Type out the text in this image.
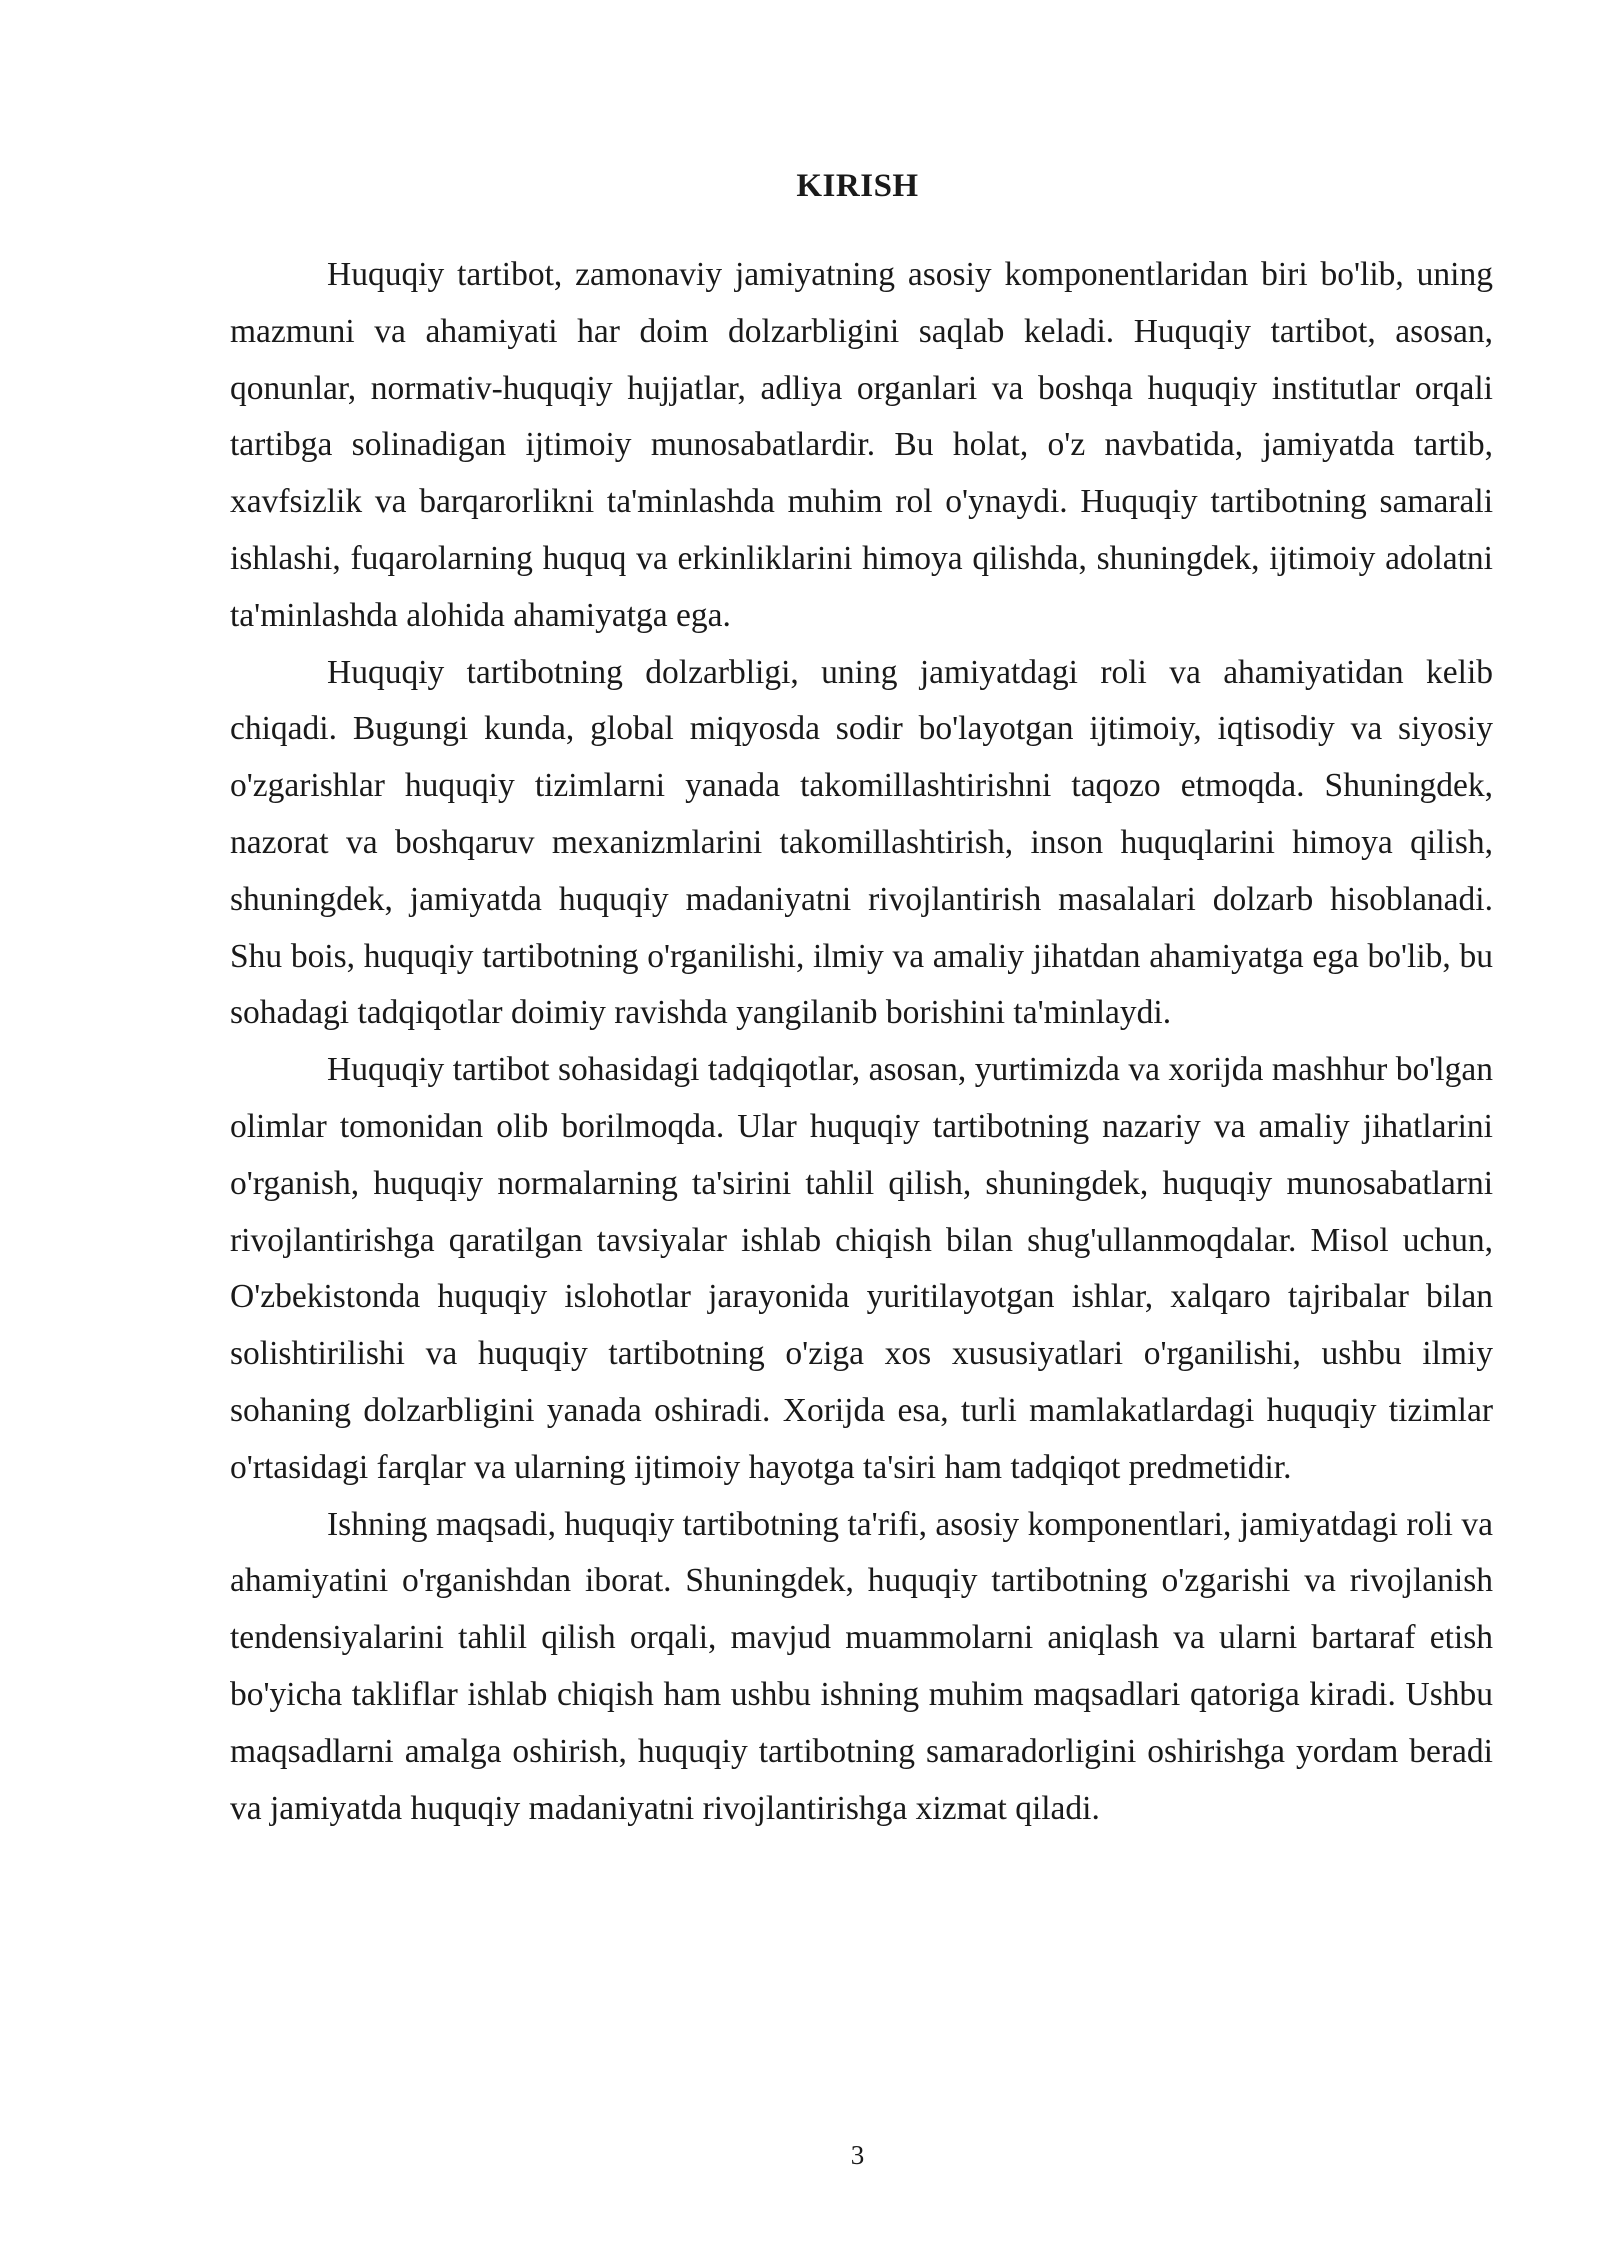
KIRISH

Huquqiy tartibot, zamonaviy jamiyatning asosiy komponentlaridan biri bo'lib, uning mazmuni va ahamiyati har doim dolzarbligini saqlab keladi. Huquqiy tartibot, asosan, qonunlar, normativ-huquqiy hujjatlar, adliya organlari va boshqa huquqiy institutlar orqali tartibga solinadigan ijtimoiy munosabatlardir. Bu holat, o'z navbatida, jamiyatda tartib, xavfsizlik va barqarorlikni ta'minlashda muhim rol o'ynaydi. Huquqiy tartibotning samarali ishlashi, fuqarolarning huquq va erkinliklarini himoya qilishda, shuningdek, ijtimoiy adolatni ta'minlashda alohida ahamiyatga ega.

Huquqiy tartibotning dolzarbligi, uning jamiyatdagi roli va ahamiyatidan kelib chiqadi. Bugungi kunda, global miqyosda sodir bo'layotgan ijtimoiy, iqtisodiy va siyosiy o'zgarishlar huquqiy tizimlarni yanada takomillashtirishni taqozo etmoqda. Shuningdek, nazorat va boshqaruv mexanizmlarini takomillashtirish, inson huquqlarini himoya qilish, shuningdek, jamiyatda huquqiy madaniyatni rivojlantirish masalalari dolzarb hisoblanadi. Shu bois, huquqiy tartibotning o'rganilishi, ilmiy va amaliy jihatdan ahamiyatga ega bo'lib, bu sohadagi tadqiqotlar doimiy ravishda yangilanib borishini ta'minlaydi.

Huquqiy tartibot sohasidagi tadqiqotlar, asosan, yurtimizda va xorijda mashhur bo'lgan olimlar tomonidan olib borilmoqda. Ular huquqiy tartibotning nazariy va amaliy jihatlarini o'rganish, huquqiy normalarning ta'sirini tahlil qilish, shuningdek, huquqiy munosabatlarni rivojlantirishga qaratilgan tavsiyalar ishlab chiqish bilan shug'ullanmoqdalar. Misol uchun, O'zbekistonda huquqiy islohotlar jarayonida yuritilayotgan ishlar, xalqaro tajribalar bilan solishtirilishi va huquqiy tartibotning o'ziga xos xususiyatlari o'rganilishi, ushbu ilmiy sohaning dolzarbligini yanada oshiradi. Xorijda esa, turli mamlakatlardagi huquqiy tizimlar o'rtasidagi farqlar va ularning ijtimoiy hayotga ta'siri ham tadqiqot predmetidir.

Ishning maqsadi, huquqiy tartibotning ta'rifi, asosiy komponentlari, jamiyatdagi roli va ahamiyatini o'rganishdan iborat. Shuningdek, huquqiy tartibotning o'zgarishi va rivojlanish tendensiyalarini tahlil qilish orqali, mavjud muammolarni aniqlash va ularni bartaraf etish bo'yicha takliflar ishlab chiqish ham ushbu ishning muhim maqsadlari qatoriga kiradi. Ushbu maqsadlarni amalga oshirish, huquqiy tartibotning samaradorligini oshirishga yordam beradi va jamiyatda huquqiy madaniyatni rivojlantirishga xizmat qiladi.

3
